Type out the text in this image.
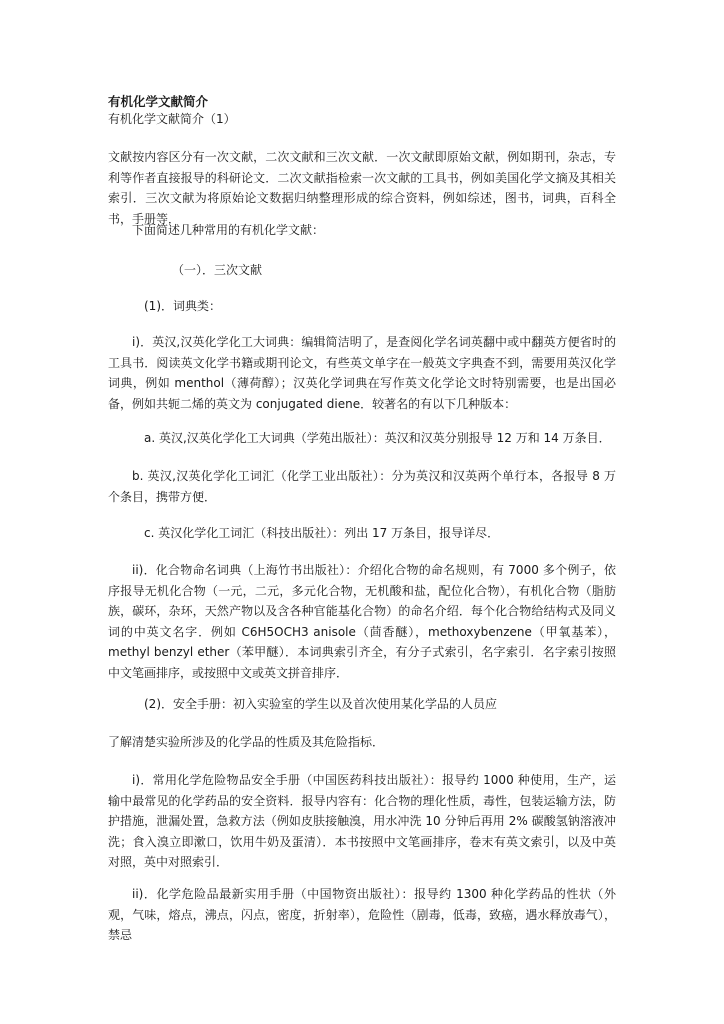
有机化学文献简介
有机化学文献简介（1）

文献按内容区分有一次文献，二次文献和三次文献．一次文献即原始文献，例如期刊，杂志，专利等作者直接报导的科研论文．二次文献指检索一次文献的工具书，例如美国化学文摘及其相关索引．三次文献为将原始论文数据归纳整理形成的综合资料，例如综述，图书，词典，百科全书，手册等．

下面简述几种常用的有机化学文献：

（一）．三次文献

(1)．词典类：

i)．英汉,汉英化学化工大词典：编辑简洁明了，是查阅化学名词英翻中或中翻英方便省时的工具书．阅读英文化学书籍或期刊论文，有些英文单字在一般英文字典查不到，需要用英汉化学词典，例如 menthol（薄荷醇）；汉英化学词典在写作英文化学论文时特别需要，也是出国必备，例如共轭二烯的英文为 conjugated diene．较著名的有以下几种版本：

a. 英汉,汉英化学化工大词典（学苑出版社）：英汉和汉英分别报导 12 万和 14 万条目．

b. 英汉,汉英化学化工词汇（化学工业出版社）：分为英汉和汉英两个单行本，各报导 8 万个条目，携带方便．

c. 英汉化学化工词汇（科技出版社）：列出 17 万条目，报导详尽．

ii)．化合物命名词典（上海竹书出版社）：介绍化合物的命名规则，有 7000 多个例子，依序报导无机化合物（一元，二元，多元化合物，无机酸和盐，配位化合物），有机化合物（脂肪族，碳环，杂环，天然产物以及含各种官能基化合物）的命名介绍．每个化合物给结构式及同义词的中英文名字．例如 C6H5OCH3 anisole（茴香醚），methoxybenzene（甲氧基苯），methyl benzyl ether（苯甲醚）．本词典索引齐全，有分子式索引，名字索引．名字索引按照中文笔画排序，或按照中文或英文拼音排序．

(2)．安全手册：初入实验室的学生以及首次使用某化学品的人员应

了解清楚实验所涉及的化学品的性质及其危险指标．

i)．常用化学危险物品安全手册（中国医药科技出版社）：报导约 1000 种使用，生产，运输中最常见的化学药品的安全资料．报导内容有：化合物的理化性质，毒性，包装运输方法，防护措施，泄漏处置，急救方法（例如皮肤接触溴，用水冲洗 10 分钟后再用 2% 碳酸氢钠溶液冲洗；食入溴立即漱口，饮用牛奶及蛋清）．本书按照中文笔画排序，卷末有英文索引，以及中英对照，英中对照索引．

ii)．化学危险品最新实用手册（中国物资出版社）：报导约 1300 种化学药品的性状（外观，气味，熔点，沸点，闪点，密度，折射率），危险性（剧毒，低毒，致癌，遇水释放毒气），禁忌
